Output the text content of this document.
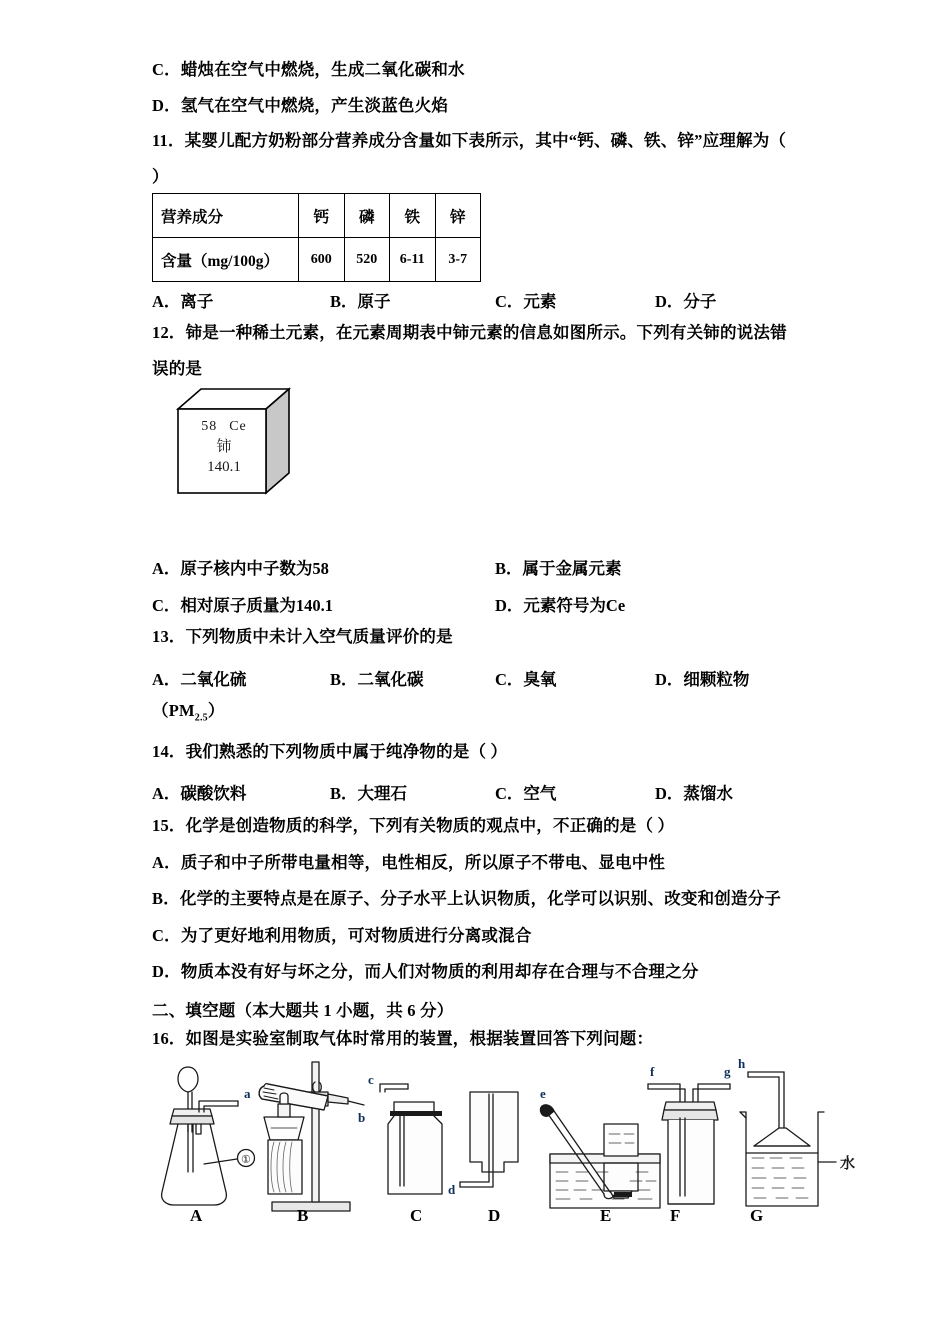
C．蜡烛在空气中燃烧，生成二氧化碳和水
D．氢气在空气中燃烧，产生淡蓝色火焰
11．某婴儿配方奶粉部分营养成分含量如下表所示，其中“钙、磷、铁、锌”应理解为（
）
营养成分	钙	磷	铁	锌
含量（mg/100g）	600	520	6-11	3-7
A．离子	B．原子	C．元素	D．分子
12．铈是一种稀土元素，在元素周期表中铈元素的信息如图所示。下列有关铈的说法错
误的是
58 Ce
铈
140.1
A．原子核内中子数为58	B．属于金属元素
C．相对原子质量为140.1	D．元素符号为Ce
13．下列物质中未计入空气质量评价的是
A．二氧化硫	B．二氧化碳	C．臭氧	D．细颗粒物
$(PM_{2.5})$
14．我们熟悉的下列物质中属于纯净物的是（ ）
A．碳酸饮料	B．大理石	C．空气	D．蒸馏水
15．化学是创造物质的科学，下列有关物质的观点中，不正确的是（ ）
A．质子和中子所带电量相等，电性相反，所以原子不带电、显电中性
B．化学的主要特点是在原子、分子水平上认识物质，化学可以识别、改变和创造分子
C．为了更好地利用物质，可对物质进行分离或混合
D．物质本没有好与坏之分，而人们对物质的利用却存在合理与不合理之分
二、填空题（本大题共 1 小题，共 6 分）
16．如图是实验室制取气体时常用的装置，根据装置回答下列问题：
a
b
c
d
e
f	g
h
①	水
A	B	C	D	E	F	G
